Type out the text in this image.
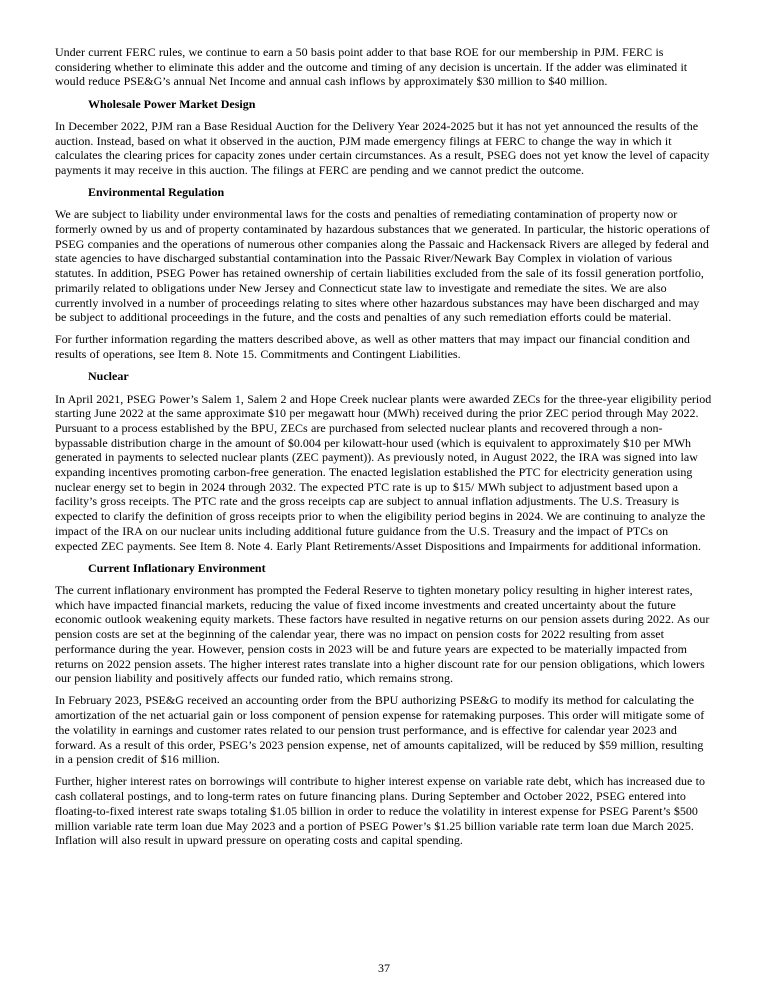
Under current FERC rules, we continue to earn a 50 basis point adder to that base ROE for our membership in PJM. FERC is considering whether to eliminate this adder and the outcome and timing of any decision is uncertain. If the adder was eliminated it would reduce PSE&G’s annual Net Income and annual cash inflows by approximately $30 million to $40 million.

Wholesale Power Market Design

In December 2022, PJM ran a Base Residual Auction for the Delivery Year 2024-2025 but it has not yet announced the results of the auction. Instead, based on what it observed in the auction, PJM made emergency filings at FERC to change the way in which it calculates the clearing prices for capacity zones under certain circumstances. As a result, PSEG does not yet know the level of capacity payments it may receive in this auction. The filings at FERC are pending and we cannot predict the outcome.

Environmental Regulation

We are subject to liability under environmental laws for the costs and penalties of remediating contamination of property now or formerly owned by us and of property contaminated by hazardous substances that we generated. In particular, the historic operations of PSEG companies and the operations of numerous other companies along the Passaic and Hackensack Rivers are alleged by federal and state agencies to have discharged substantial contamination into the Passaic River/Newark Bay Complex in violation of various statutes. In addition, PSEG Power has retained ownership of certain liabilities excluded from the sale of its fossil generation portfolio, primarily related to obligations under New Jersey and Connecticut state law to investigate and remediate the sites. We are also currently involved in a number of proceedings relating to sites where other hazardous substances may have been discharged and may be subject to additional proceedings in the future, and the costs and penalties of any such remediation efforts could be material.

For further information regarding the matters described above, as well as other matters that may impact our financial condition and results of operations, see Item 8. Note 15. Commitments and Contingent Liabilities.

Nuclear

In April 2021, PSEG Power’s Salem 1, Salem 2 and Hope Creek nuclear plants were awarded ZECs for the three-year eligibility period starting June 2022 at the same approximate $10 per megawatt hour (MWh) received during the prior ZEC period through May 2022. Pursuant to a process established by the BPU, ZECs are purchased from selected nuclear plants and recovered through a non-bypassable distribution charge in the amount of $0.004 per kilowatt-hour used (which is equivalent to approximately $10 per MWh generated in payments to selected nuclear plants (ZEC payment)). As previously noted, in August 2022, the IRA was signed into law expanding incentives promoting carbon-free generation. The enacted legislation established the PTC for electricity generation using nuclear energy set to begin in 2024 through 2032. The expected PTC rate is up to $15/ MWh subject to adjustment based upon a facility’s gross receipts. The PTC rate and the gross receipts cap are subject to annual inflation adjustments. The U.S. Treasury is expected to clarify the definition of gross receipts prior to when the eligibility period begins in 2024. We are continuing to analyze the impact of the IRA on our nuclear units including additional future guidance from the U.S. Treasury and the impact of PTCs on expected ZEC payments. See Item 8. Note 4. Early Plant Retirements/Asset Dispositions and Impairments for additional information.

Current Inflationary Environment

The current inflationary environment has prompted the Federal Reserve to tighten monetary policy resulting in higher interest rates, which have impacted financial markets, reducing the value of fixed income investments and created uncertainty about the future economic outlook weakening equity markets. These factors have resulted in negative returns on our pension assets during 2022. As our pension costs are set at the beginning of the calendar year, there was no impact on pension costs for 2022 resulting from asset performance during the year. However, pension costs in 2023 will be and future years are expected to be materially impacted from returns on 2022 pension assets. The higher interest rates translate into a higher discount rate for our pension obligations, which lowers our pension liability and positively affects our funded ratio, which remains strong.

In February 2023, PSE&G received an accounting order from the BPU authorizing PSE&G to modify its method for calculating the amortization of the net actuarial gain or loss component of pension expense for ratemaking purposes. This order will mitigate some of the volatility in earnings and customer rates related to our pension trust performance, and is effective for calendar year 2023 and forward. As a result of this order, PSEG’s 2023 pension expense, net of amounts capitalized, will be reduced by $59 million, resulting in a pension credit of $16 million.

Further, higher interest rates on borrowings will contribute to higher interest expense on variable rate debt, which has increased due to cash collateral postings, and to long-term rates on future financing plans. During September and October 2022, PSEG entered into floating-to-fixed interest rate swaps totaling $1.05 billion in order to reduce the volatility in interest expense for PSEG Parent’s $500 million variable rate term loan due May 2023 and a portion of PSEG Power’s $1.25 billion variable rate term loan due March 2025. Inflation will also result in upward pressure on operating costs and capital spending.

37
